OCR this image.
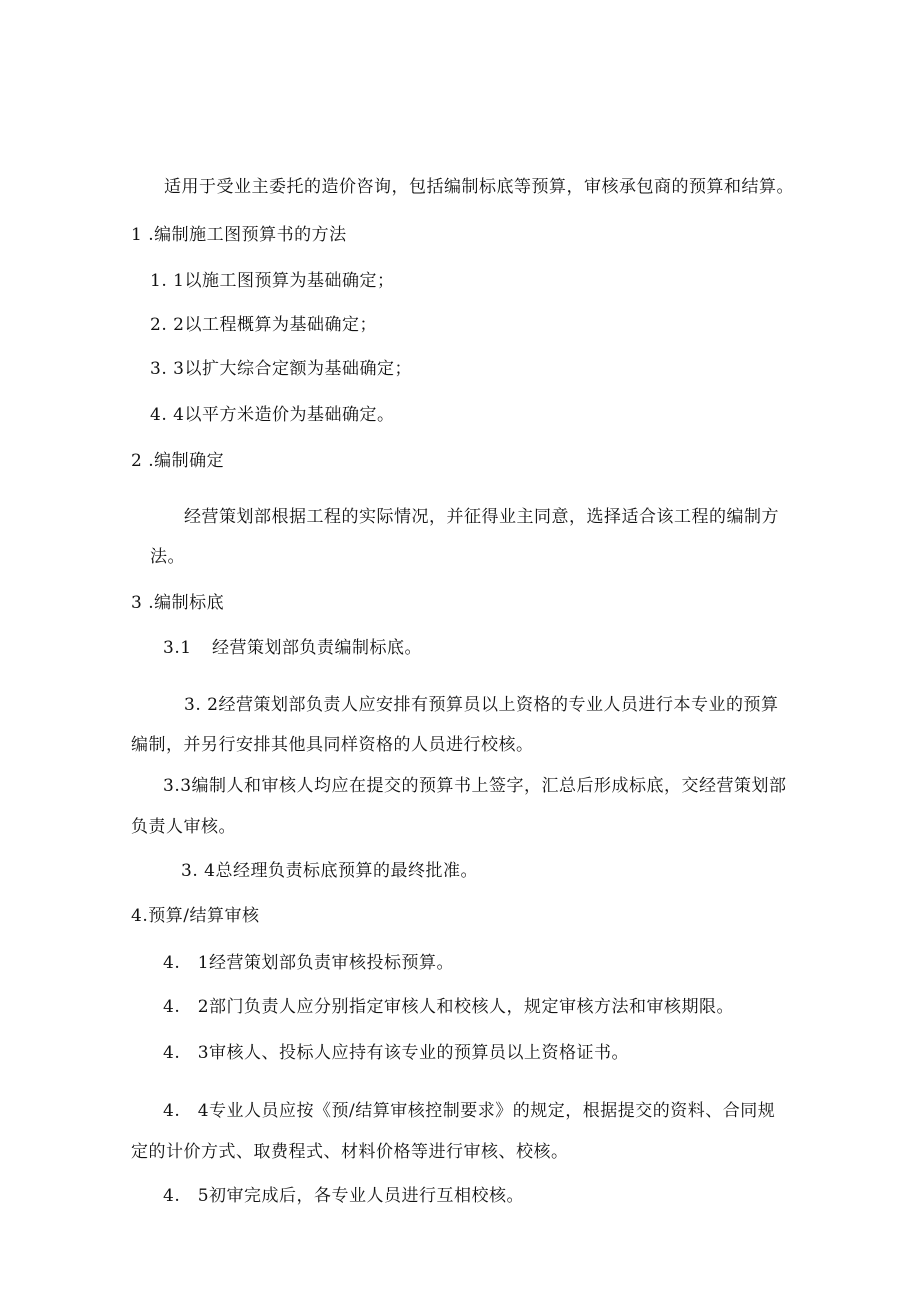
适用于受业主委托的造价咨询，包括编制标底等预算，审核承包商的预算和结算。
1 .编制施工图预算书的方法
1. 1以施工图预算为基础确定；
2. 2以工程概算为基础确定；
3. 3以扩大综合定额为基础确定；
4. 4以平方米造价为基础确定。
2 .编制确定
经营策划部根据工程的实际情况，并征得业主同意，选择适合该工程的编制方
法。
3 .编制标底
3.1 经营策划部负责编制标底。
3. 2经营策划部负责人应安排有预算员以上资格的专业人员进行本专业的预算
编制，并另行安排其他具同样资格的人员进行校核。
3.3编制人和审核人均应在提交的预算书上签字，汇总后形成标底，交经营策划部
负责人审核。
3. 4总经理负责标底预算的最终批准。
4.预算/结算审核
4.　1经营策划部负责审核投标预算。
4.　2部门负责人应分别指定审核人和校核人，规定审核方法和审核期限。
4.　3审核人、投标人应持有该专业的预算员以上资格证书。
4.　4专业人员应按《预/结算审核控制要求》的规定，根据提交的资料、合同规
定的计价方式、取费程式、材料价格等进行审核、校核。
4.　5初审完成后，各专业人员进行互相校核。
